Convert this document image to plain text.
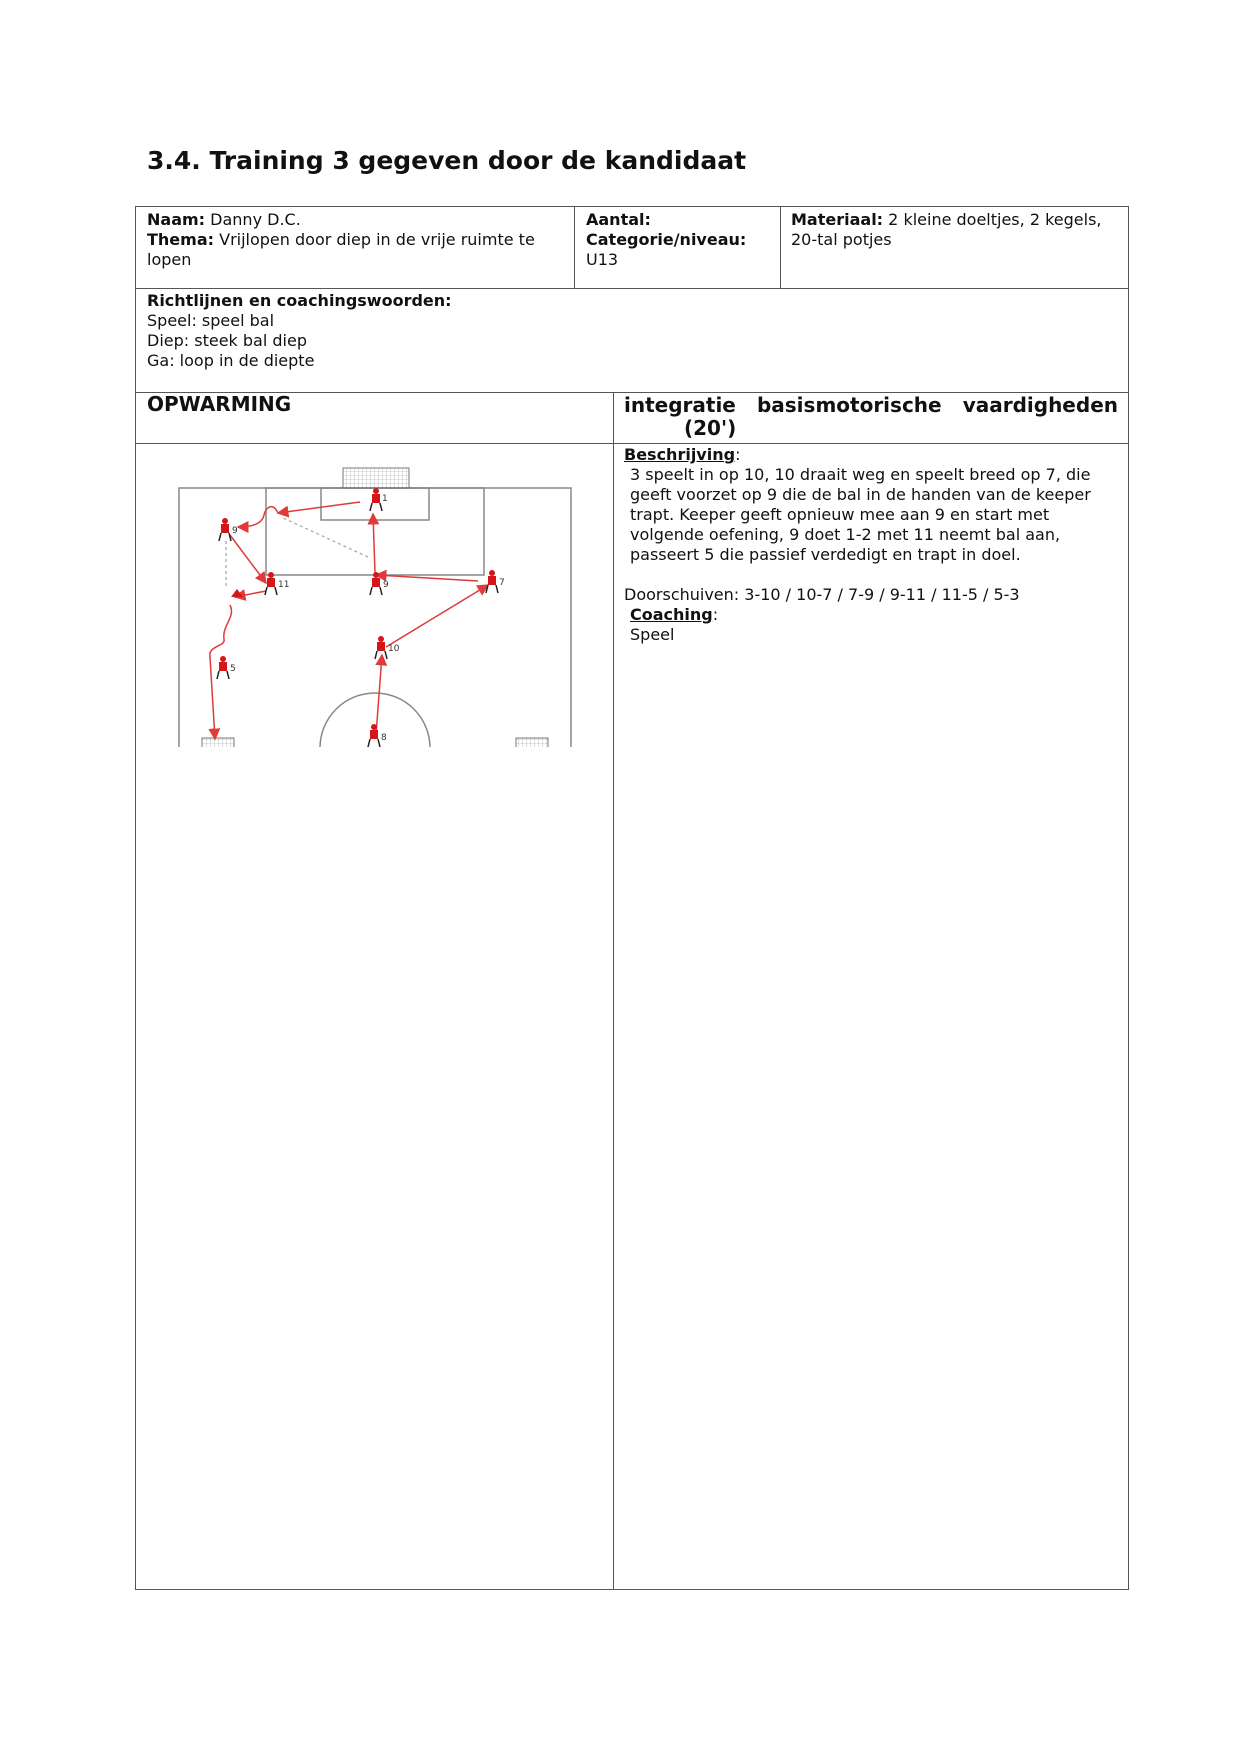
3.4. Training 3 gegeven door de kandidaat
Naam: Danny D.C.
Thema: Vrijlopen door diep in de vrije ruimte te lopen
Aantal:
Categorie/niveau:
U13
Materiaal: 2 kleine doeltjes, 2 kegels, 20-tal potjes
Richtlijnen en coachingswoorden:
Speel: speel bal
Diep: steek bal diep
Ga: loop in de diepte
OPWARMING	integratie basismotorische vaardigheden
(20')
Beschrijving:
3 speelt in op 10, 10 draait weg en speelt breed op 7, die geeft voorzet op 9 die de bal in de handen van de keeper trapt. Keeper geeft opnieuw mee aan 9 en start met volgende oefening, 9 doet 1-2 met 11 neemt bal aan, passeert 5 die passief verdedigt en trapt in doel.
Doorschuiven: 3-10 / 10-7 / 7-9 / 9-11 / 11-5 / 5-3
Coaching:
Speel
1
9
11	9	7
10
5
8
